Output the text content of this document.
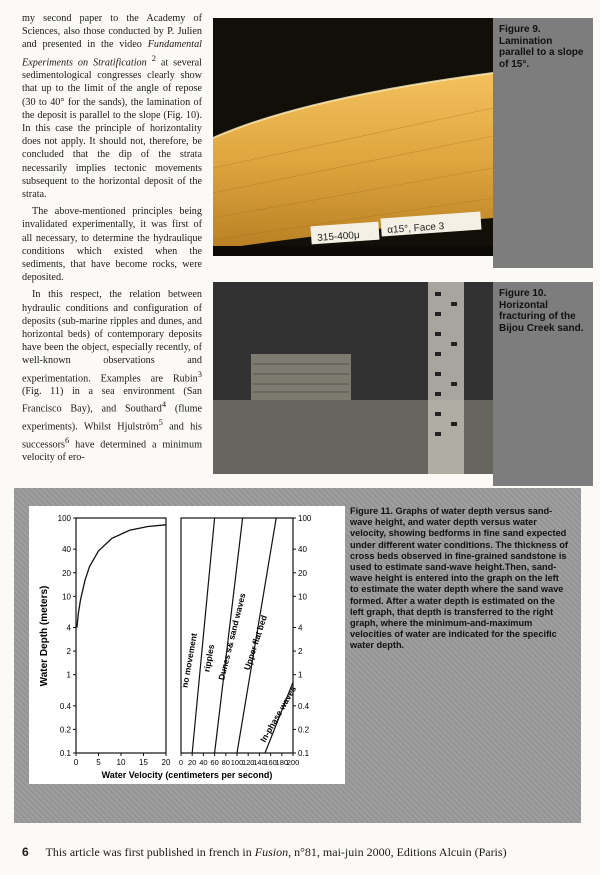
my second paper to the Academy of Sciences, also those conducted by P. Julien and presented in the video Fundamental Experiments on Stratification $^2$ at several sedimentological congresses clearly show that up to the limit of the angle of repose (30 to 40° for the sands), the lamination of the deposit is parallel to the slope (Fig. 10). In this case the principle of horizontality does not apply. It should not, therefore, be concluded that the dip of the strata necessarily implies tectonic movements subsequent to the horizontal deposit of the strata.

The above-mentioned principles being invalidated experimentally, it was first of all necessary, to determine the hydraulique conditions which existed when the sediments, that have become rocks, were deposited.

In this respect, the relation between hydraulic conditions and configuration of deposits (sub-marine ripples and dunes, and horizontal beds) of contemporary deposits have been the object, especially recently, of well-known observations and experimentation. Examples are Rubin$^3$ (Fig. 11) in a sea environment (San Francisco Bay), and Southard$^4$ (flume experiments). Whilst Hjulström$^5$ and his successors$^6$ have determined a minimum velocity of ero-

315-400μ
α15°, Face 3
Figure 9.
Lamination parallel to a slope of 15°.
Figure 10.
Horizontal fracturing of the Bijou Creek sand.
Water Depth (meters)
Water Velocity (centimeters per second)
0.1
0.2
0.4
1
2
4
10
20
40
100
0 5 10 15 20
0.1
0.2
0.4
1
2
4
10
20
40
100
0 20 40 60 80 100
120
140
160
180
200
no movement ripples Dunes s& sand waves
Upper flat bed
In-phase waves
Figure 11. Graphs of water depth versus sand-wave height, and water depth versus water velocity, showing bedforms in fine sand expected under different water conditions. The thickness of cross beds observed in fine-grained sandstone is used to estimate sand-wave height.Then, sand-wave height is entered into the graph on the left to estimate the water depth where the sand wave formed. After a water depth is estimated on the left graph, that depth is transferred to the right graph, where the minimum-and-maximum velocities of water are indicated for the specific water depth.
6 This article was first published in french in Fusion, n°81, mai-juin 2000, Editions Alcuin (Paris)
